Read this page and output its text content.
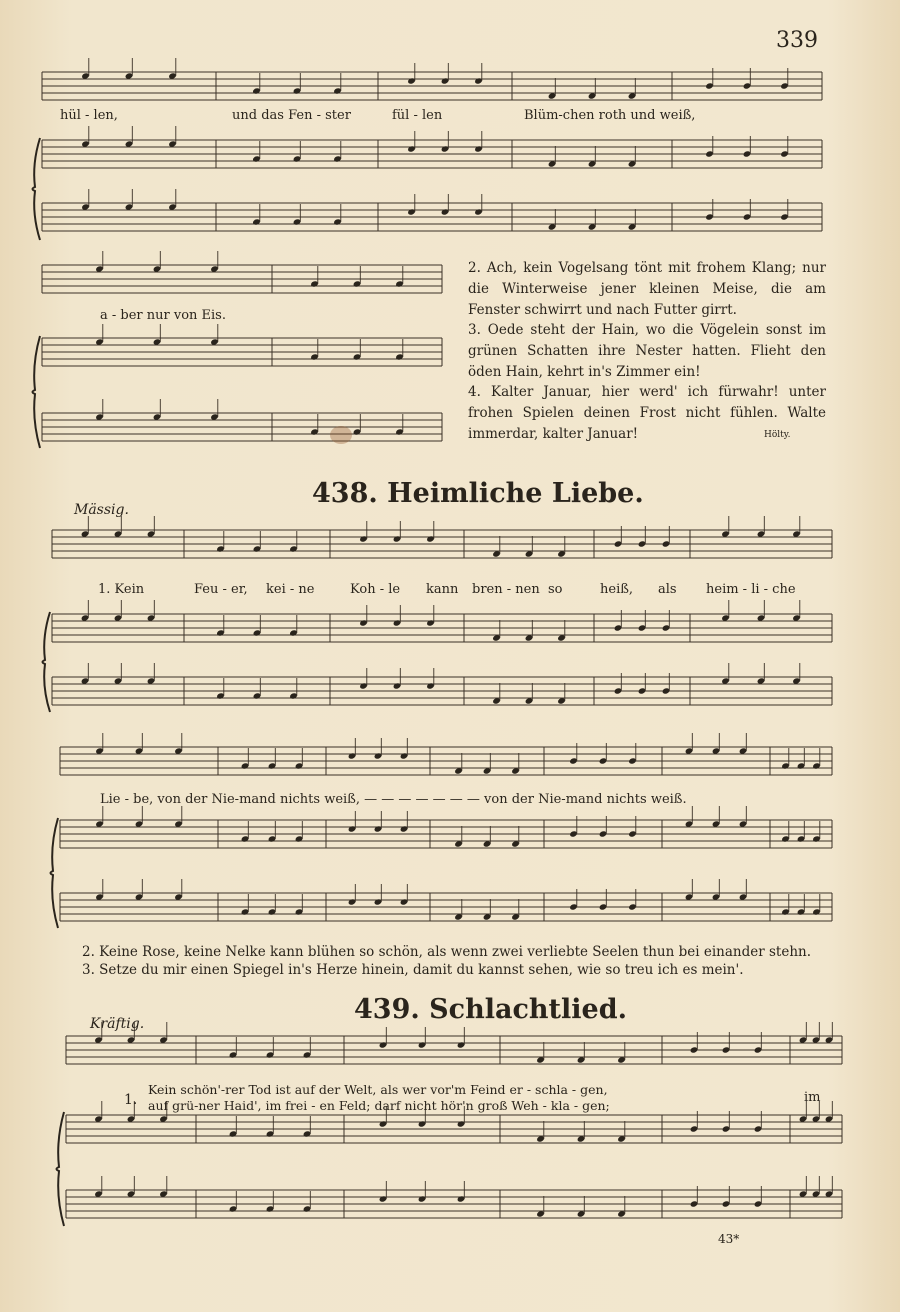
339
hül - len,	und das Fen - ster	fül - len	Blüm-chen roth und weiß,
a - ber nur von Eis.
2. Ach, kein Vogelsang tönt mit frohem Klang; nur die Winterweise jener kleinen Meise, die am Fenster schwirrt und nach Futter girrt.
3. Oede steht der Hain, wo die Vögelein sonst im grünen Schatten ihre Nester hatten. Flieht den öden Hain, kehrt in's Zimmer ein!
4. Kalter Januar, hier werd' ich fürwahr! unter frohen Spielen deinen Frost nicht fühlen. Walte immerdar, kalter Januar!	Hölty.
438. Heimliche Liebe.
Mässig.
1. Kein	Feu - er, kei - ne	Koh - le kann bren - nen so	heiß, als heim - li - che
Lie - be, von der Nie-mand nichts weiß, — — — — — — — von der Nie-mand nichts weiß.
2. Keine Rose, keine Nelke kann blühen so schön, als wenn zwei verliebte Seelen thun bei einander stehn.
3. Setze du mir einen Spiegel in's Herze hinein, damit du kannst sehen, wie so treu ich es mein'.
439. Schlachtlied.
Kräftig.
1.
Kein schön'-rer Tod ist auf der Welt, als wer vor'm Feind er - schla - gen,
auf grü-ner Haid', im frei - en Feld; darf nicht hör'n groß Weh - kla - gen;
im
43*
